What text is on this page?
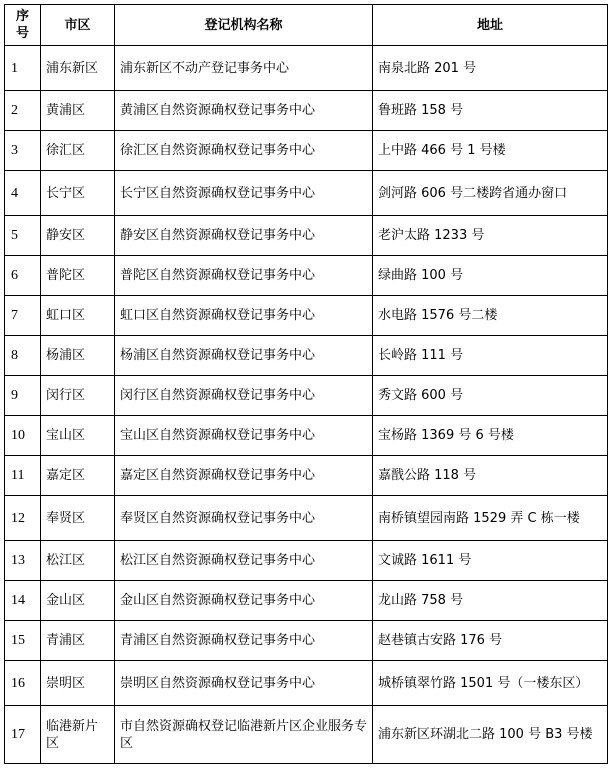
序号	市区	登记机构名称	地址
1	浦东新区	浦东新区不动产登记事务中心	南泉北路 201 号
2	黄浦区	黄浦区自然资源确权登记事务中心	鲁班路 158 号
3	徐汇区	徐汇区自然资源确权登记事务中心	上中路 466 号 1 号楼
4	长宁区	长宁区自然资源确权登记事务中心	剑河路 606 号二楼跨省通办窗口
5	静安区	静安区自然资源确权登记事务中心	老沪太路 1233 号
6	普陀区	普陀区自然资源确权登记事务中心	绿曲路 100 号
7	虹口区	虹口区自然资源确权登记事务中心	水电路 1576 号二楼
8	杨浦区	杨浦区自然资源确权登记事务中心	长岭路 111 号
9	闵行区	闵行区自然资源确权登记事务中心	秀文路 600 号
10	宝山区	宝山区自然资源确权登记事务中心	宝杨路 1369 号 6 号楼
11	嘉定区	嘉定区自然资源确权登记事务中心	嘉戬公路 118 号
12	奉贤区	奉贤区自然资源确权登记事务中心	南桥镇望园南路 1529 弄 C 栋一楼
13	松江区	松江区自然资源确权登记事务中心	文诚路 1611 号
14	金山区	金山区自然资源确权登记事务中心	龙山路 758 号
15	青浦区	青浦区自然资源确权登记事务中心	赵巷镇古安路 176 号
16	崇明区	崇明区自然资源确权登记事务中心	城桥镇翠竹路 1501 号（一楼东区）
17	临港新片区	市自然资源确权登记临港新片区企业服务专区	浦东新区环湖北二路 100 号 B3 号楼
